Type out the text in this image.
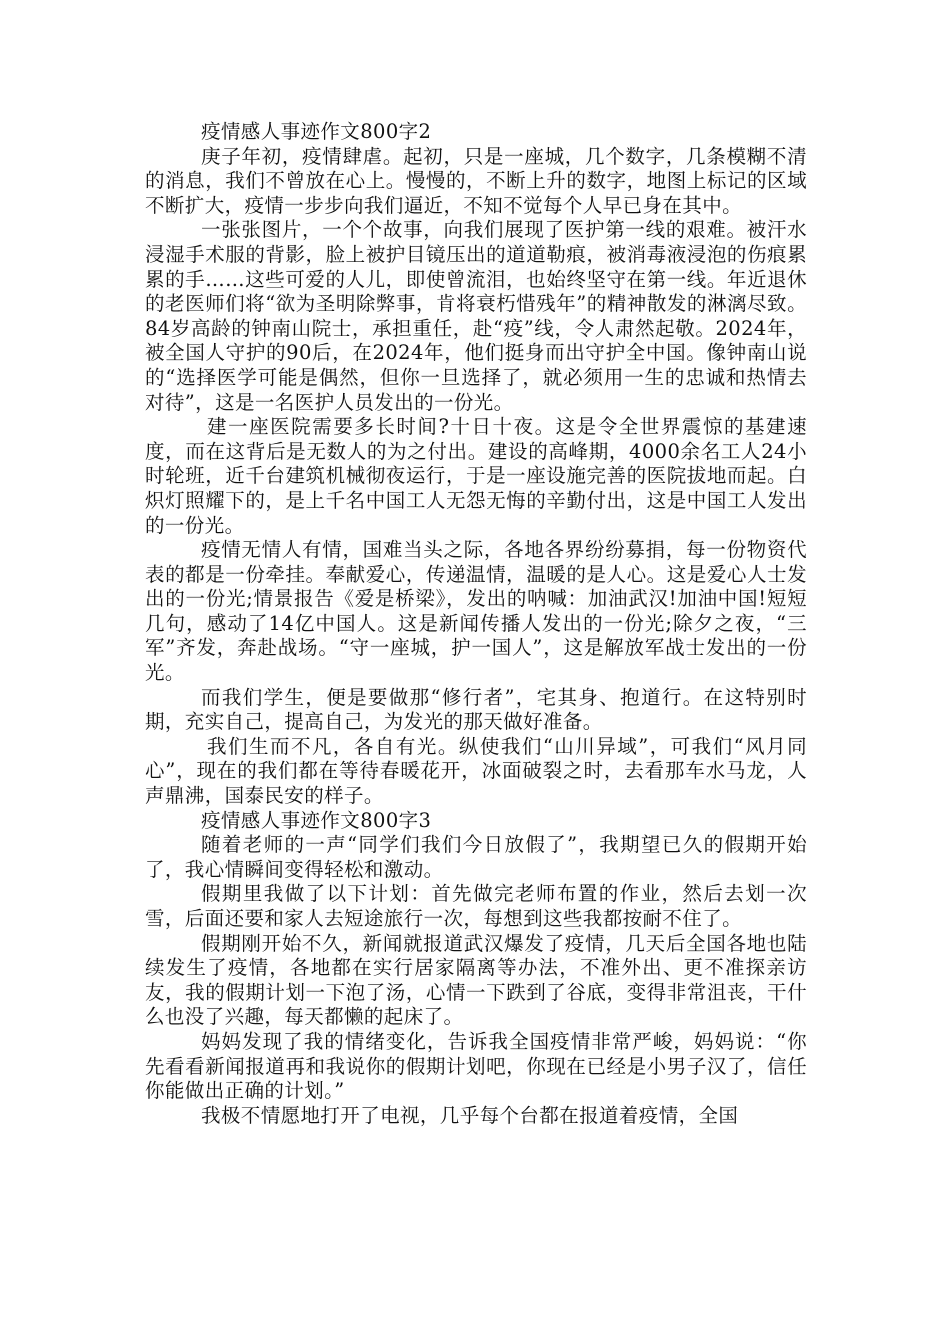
疫情感人事迹作文800字2

庚子年初，疫情肆虐。起初，只是一座城，几个数字，几条模糊不清的消息，我们不曾放在心上。慢慢的，不断上升的数字，地图上标记的区域不断扩大，疫情一步步向我们逼近，不知不觉每个人早已身在其中。

一张张图片，一个个故事，向我们展现了医护第一线的艰难。被汗水浸湿手术服的背影，脸上被护目镜压出的道道勒痕，被消毒液浸泡的伤痕累累的手……这些可爱的人儿，即使曾流泪，也始终坚守在第一线。年近退休的老医师们将“欲为圣明除弊事，肯将衰朽惜残年”的精神散发的淋漓尽致。84岁高龄的钟南山院士，承担重任，赴“疫”线，令人肃然起敬。2024年，被全国人守护的90后，在2024年，他们挺身而出守护全中国。像钟南山说的“选择医学可能是偶然，但你一旦选择了，就必须用一生的忠诚和热情去对待”，这是一名医护人员发出的一份光。

建一座医院需要多长时间?十日十夜。这是令全世界震惊的基建速度，而在这背后是无数人的为之付出。建设的高峰期，4000余名工人24小时轮班，近千台建筑机械彻夜运行，于是一座设施完善的医院拔地而起。白炽灯照耀下的，是上千名中国工人无怨无悔的辛勤付出，这是中国工人发出的一份光。

疫情无情人有情，国难当头之际，各地各界纷纷募捐，每一份物资代表的都是一份牵挂。奉献爱心，传递温情，温暖的是人心。这是爱心人士发出的一份光;情景报告《爱是桥梁》，发出的呐喊：加油武汉!加油中国!短短几句，感动了14亿中国人。这是新闻传播人发出的一份光;除夕之夜，“三军”齐发，奔赴战场。“守一座城，护一国人”，这是解放军战士发出的一份光。

而我们学生，便是要做那“修行者”，宅其身、抱道行。在这特别时期，充实自己，提高自己，为发光的那天做好准备。

我们生而不凡，各自有光。纵使我们“山川异域”，可我们“风月同心”，现在的我们都在等待春暖花开，冰面破裂之时，去看那车水马龙，人声鼎沸，国泰民安的样子。

疫情感人事迹作文800字3

随着老师的一声“同学们我们今日放假了”，我期望已久的假期开始了，我心情瞬间变得轻松和激动。

假期里我做了以下计划：首先做完老师布置的作业，然后去划一次雪，后面还要和家人去短途旅行一次，每想到这些我都按耐不住了。

假期刚开始不久，新闻就报道武汉爆发了疫情，几天后全国各地也陆续发生了疫情，各地都在实行居家隔离等办法，不准外出、更不准探亲访友，我的假期计划一下泡了汤，心情一下跌到了谷底，变得非常沮丧，干什么也没了兴趣，每天都懒的起床了。

妈妈发现了我的情绪变化，告诉我全国疫情非常严峻，妈妈说：“你先看看新闻报道再和我说你的假期计划吧，你现在已经是小男子汉了，信任你能做出正确的计划。”

我极不情愿地打开了电视，几乎每个台都在报道着疫情，全国
